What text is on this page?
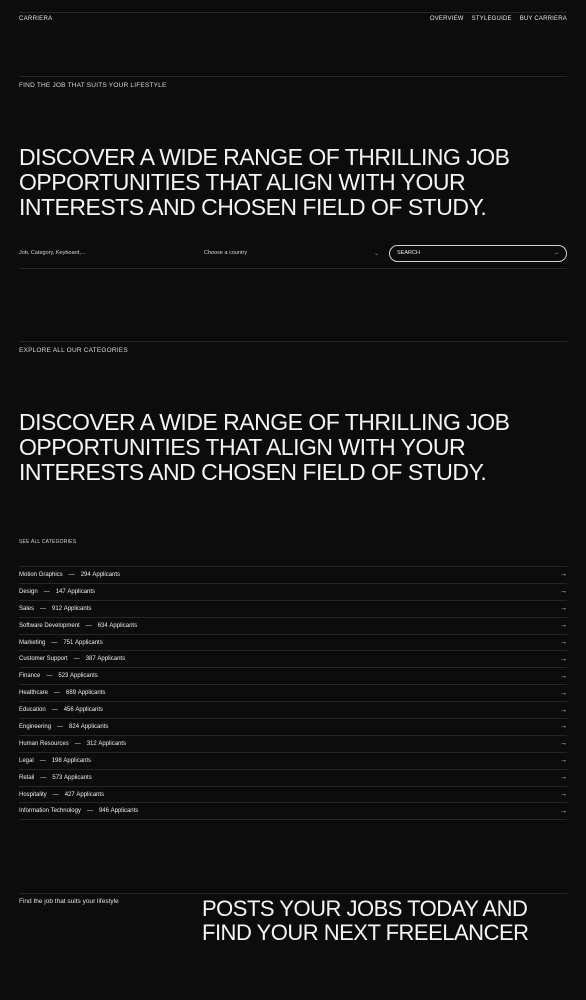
CARRIERA	OVERVIEW STYLEGUIDE BUY CARRIERA
FIND THE JOB THAT SUITS YOUR LIFESTYLE
DISCOVER A WIDE RANGE OF THRILLING JOB
OPPORTUNITIES THAT ALIGN WITH YOUR
INTERESTS AND CHOSEN FIELD OF STUDY.
Job, Category, Keyboard,...
Choose a country	⌄	SEARCH	→
EXPLORE ALL OUR CATEGORIES
DISCOVER A WIDE RANGE OF THRILLING JOB
OPPORTUNITIES THAT ALIGN WITH YOUR
INTERESTS AND CHOSEN FIELD OF STUDY.
SEE ALL CATEGORIES
Motion Graphics — 294 Applicants	→
Design — 147 Applicants	→
Sales — 912 Applicants	→
Software Development — 634 Applicants	→
Marketing — 751 Applicants	→
Customer Support — 387 Applicants	→
Finance — 523 Applicants	→
Healthcare — 689 Applicants	→
Education — 456 Applicants	→
Engineering — 824 Applicants	→
Human Resources — 312 Applicants	→
Legal — 198 Applicants	→
Retail — 573 Applicants	→
Hospitality — 427 Applicants	→
Information Technology — 946 Applicants	→
Find the job that suits your lifestyle	POSTS YOUR JOBS TODAY AND
FIND YOUR NEXT FREELANCER
